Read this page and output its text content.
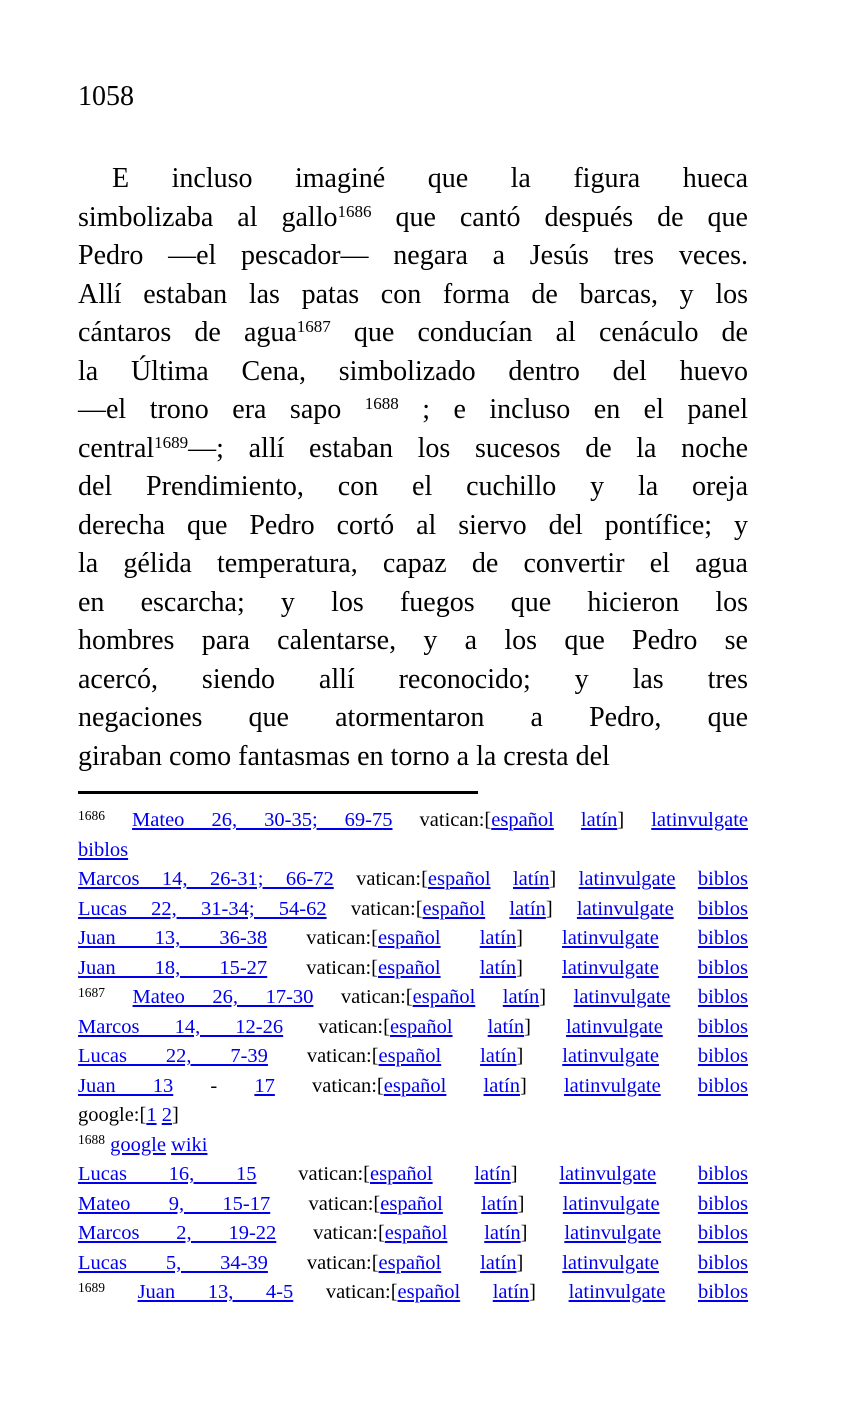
1058
E incluso imaginé que la figura hueca
simbolizaba al gallo$^{1686}$ que cantó después de que
Pedro —el pescador— negara a Jesús tres veces.
Allí estaban las patas con forma de barcas, y los
cántaros de agua$^{1687}$ que conducían al cenáculo de
la Última Cena, simbolizado dentro del huevo
—el trono era sapo $^{1688}$ ; e incluso en el panel
central$^{1689}$—; allí estaban los sucesos de la noche
del Prendimiento, con el cuchillo y la oreja
derecha que Pedro cortó al siervo del pontífice; y
la gélida temperatura, capaz de convertir el agua
en escarcha; y los fuegos que hicieron los
hombres para calentarse, y a los que Pedro se
acercó, siendo allí reconocido; y las tres
negaciones que atormentaron a Pedro, que
giraban como fantasmas en torno a la cresta del
$^{1686}$ Mateo 26, 30-35; 69-75 vatican:[español latín] latinvulgate
biblos
Marcos 14, 26-31; 66-72 vatican:[español latín] latinvulgate biblos
Lucas 22, 31-34; 54-62 vatican:[español latín] latinvulgate biblos
Juan 13, 36-38 vatican:[español latín] latinvulgate biblos
Juan 18, 15-27 vatican:[español latín] latinvulgate biblos
$^{1687}$ Mateo 26, 17-30 vatican:[español latín] latinvulgate biblos
Marcos 14, 12-26 vatican:[español latín] latinvulgate biblos
Lucas 22, 7-39 vatican:[español latín] latinvulgate biblos
Juan 13 - 17 vatican:[español latín] latinvulgate biblos
google:[1 2]
$^{1688}$ google wiki
Lucas 16, 15 vatican:[español latín] latinvulgate biblos
Mateo 9, 15-17 vatican:[español latín] latinvulgate biblos
Marcos 2, 19-22 vatican:[español latín] latinvulgate biblos
Lucas 5, 34-39 vatican:[español latín] latinvulgate biblos
$^{1689}$ Juan 13, 4-5 vatican:[español latín] latinvulgate biblos
